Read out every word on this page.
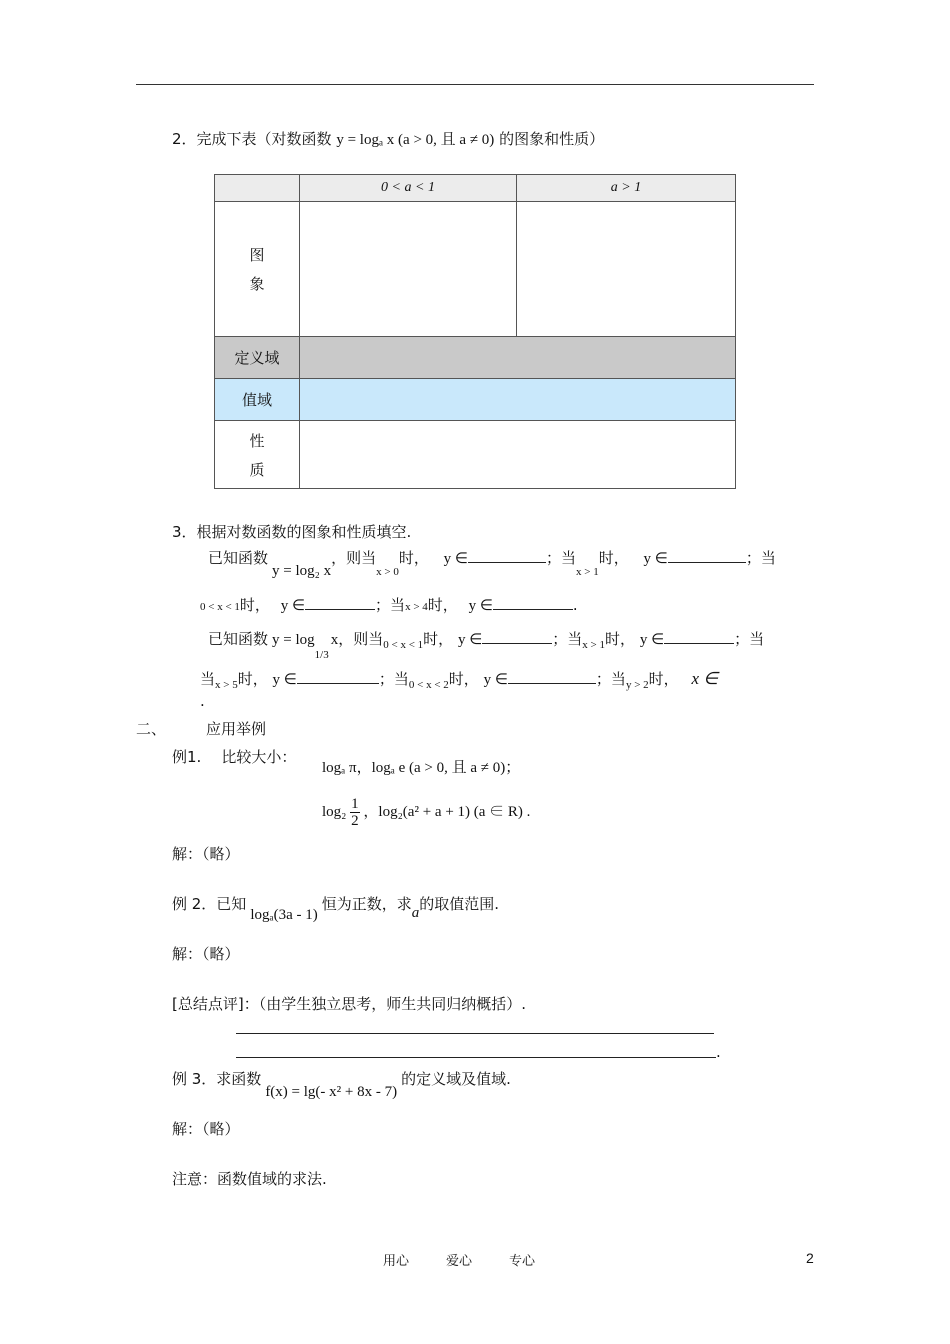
2．完成下表（对数函数 y = logₐ x (a > 0, 且 a ≠ 0) 的图象和性质）
	0 < a < 1	a > 1

图
象		

定义域		
值域		

性
质		

3．根据对数函数的图象和性质填空.
已知函数y = log₂ x，则当$_{x > 0}$时， y ∈	；当$_{x > 1}$时， y ∈	；当
0 < x < 1时， y ∈	；当x > 4时， y ∈	.
已知函数 $y = \log_{1/3}x$，则当$_{0 < x < 1}$时， y ∈	；当$_{x > 1}$时， y ∈	；当
当$_{x > 5}$时， y ∈	；当$_{0 < x < 2}$时， y ∈	；当$_{y > 2}$时， x ∈
.
二、	应用举例
例1. 比较大小：
logₐ π，logₐ e (a > 0, 且 a ≠ 0)；
$\log_2 \frac{1}{2}$ ，log₂(a² + a + 1) (a ∈ R) .
解：（略）
例 2．已知logₐ(3a - 1)恒为正数，求a的取值范围.
解：（略）
[总结点评]：（由学生独立思考，师生共同归纳概括）.
.
例 3．求函数f(x) = lg(- x² + 8x - 7)的定义域及值域.
解：（略）
注意：函数值域的求法.
用心	爱心	专心	2
